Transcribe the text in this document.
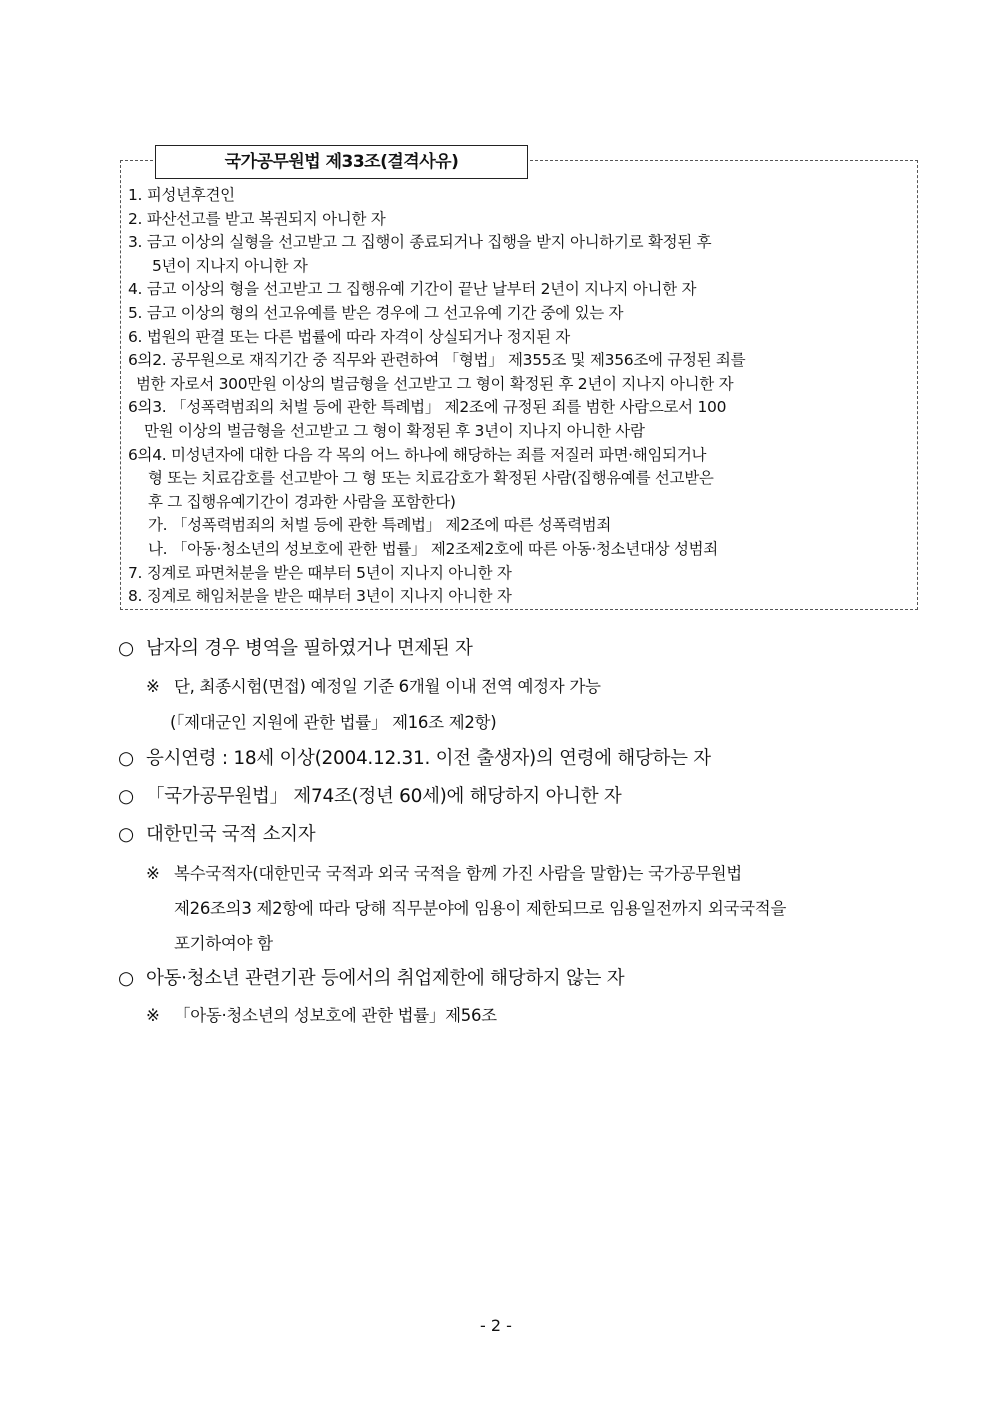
국가공무원법 제33조(결격사유)
1. 피성년후견인
2. 파산선고를 받고 복권되지 아니한 자
3. 금고 이상의 실형을 선고받고 그 집행이 종료되거나 집행을 받지 아니하기로 확정된 후
5년이 지나지 아니한 자
4. 금고 이상의 형을 선고받고 그 집행유예 기간이 끝난 날부터 2년이 지나지 아니한 자
5. 금고 이상의 형의 선고유예를 받은 경우에 그 선고유예 기간 중에 있는 자
6. 법원의 판결 또는 다른 법률에 따라 자격이 상실되거나 정지된 자
6의2. 공무원으로 재직기간 중 직무와 관련하여 「형법」 제355조 및 제356조에 규정된 죄를
범한 자로서 300만원 이상의 벌금형을 선고받고 그 형이 확정된 후 2년이 지나지 아니한 자
6의3. 「성폭력범죄의 처벌 등에 관한 특례법」 제2조에 규정된 죄를 범한 사람으로서 100
만원 이상의 벌금형을 선고받고 그 형이 확정된 후 3년이 지나지 아니한 사람
6의4. 미성년자에 대한 다음 각 목의 어느 하나에 해당하는 죄를 저질러 파면·해임되거나
형 또는 치료감호를 선고받아 그 형 또는 치료감호가 확정된 사람(집행유예를 선고받은
후 그 집행유예기간이 경과한 사람을 포함한다)
가. 「성폭력범죄의 처벌 등에 관한 특례법」 제2조에 따른 성폭력범죄
나. 「아동·청소년의 성보호에 관한 법률」 제2조제2호에 따른 아동·청소년대상 성범죄
7. 징계로 파면처분을 받은 때부터 5년이 지나지 아니한 자
8. 징계로 해임처분을 받은 때부터 3년이 지나지 아니한 자
○ 남자의 경우 병역을 필하였거나 면제된 자
※ 단, 최종시험(면접) 예정일 기준 6개월 이내 전역 예정자 가능
(「제대군인 지원에 관한 법률」 제16조 제2항)
○ 응시연령 : 18세 이상(2004.12.31. 이전 출생자)의 연령에 해당하는 자
○ 「국가공무원법」 제74조(정년 60세)에 해당하지 아니한 자
○ 대한민국 국적 소지자
※ 복수국적자(대한민국 국적과 외국 국적을 함께 가진 사람을 말함)는 국가공무원법
제26조의3 제2항에 따라 당해 직무분야에 임용이 제한되므로 임용일전까지 외국국적을
포기하여야 함
○ 아동·청소년 관련기관 등에서의 취업제한에 해당하지 않는 자
※ 「아동·청소년의 성보호에 관한 법률」제56조
- 2 -
